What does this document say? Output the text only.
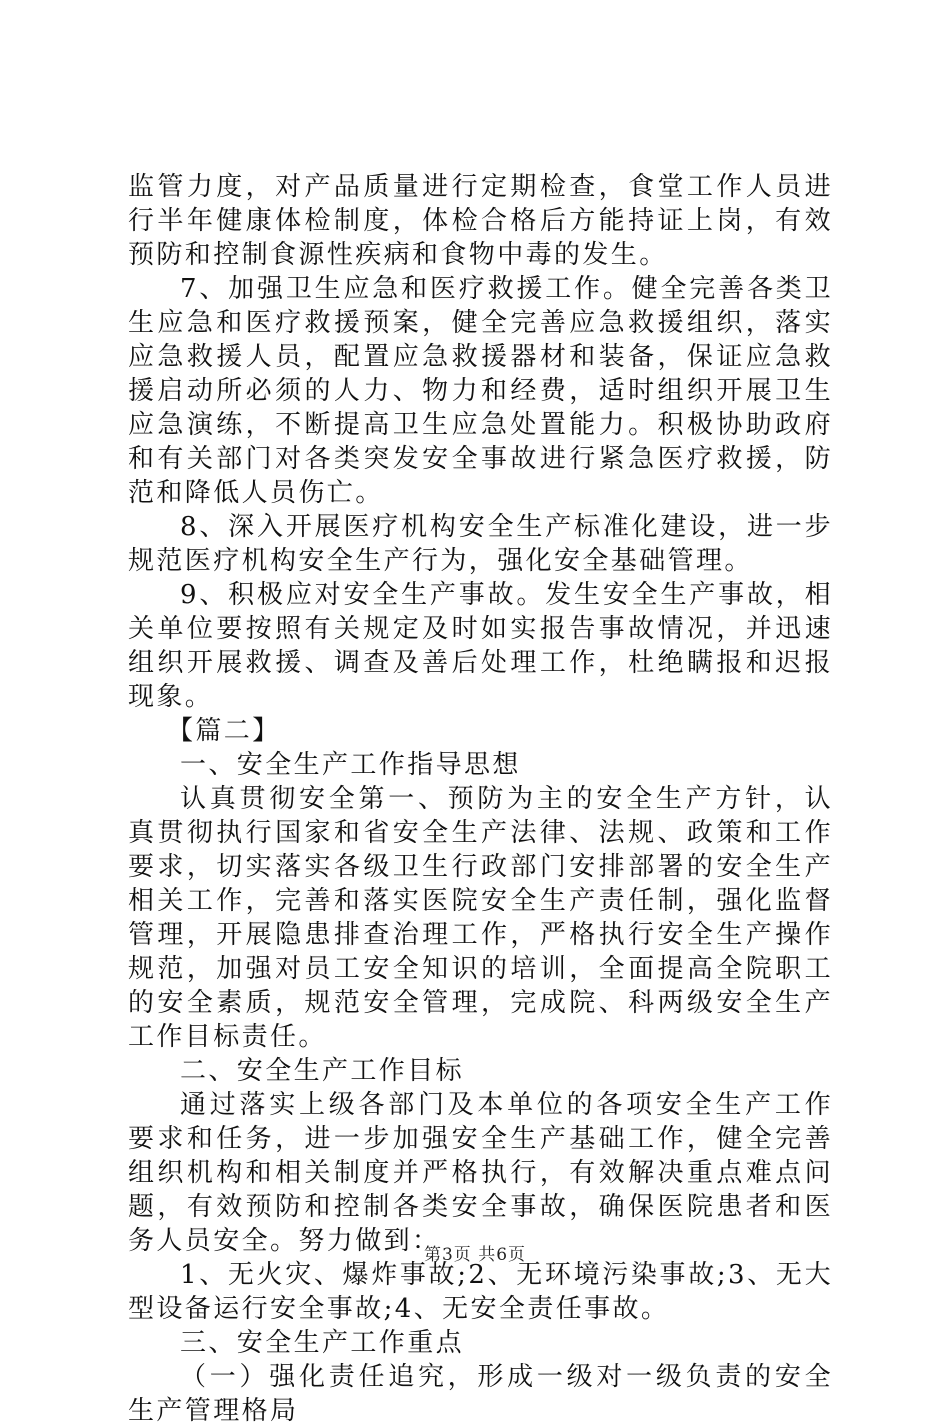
监管力度，对产品质量进行定期检查，食堂工作人员进行半年健康体检制度，体检合格后方能持证上岗，有效预防和控制食源性疾病和食物中毒的发生。

7、加强卫生应急和医疗救援工作。健全完善各类卫生应急和医疗救援预案，健全完善应急救援组织，落实应急救援人员，配置应急救援器材和装备，保证应急救援启动所必须的人力、物力和经费，适时组织开展卫生应急演练，不断提高卫生应急处置能力。积极协助政府和有关部门对各类突发安全事故进行紧急医疗救援，防范和降低人员伤亡。

8、深入开展医疗机构安全生产标准化建设，进一步规范医疗机构安全生产行为，强化安全基础管理。

9、积极应对安全生产事故。发生安全生产事故，相关单位要按照有关规定及时如实报告事故情况，并迅速组织开展救援、调查及善后处理工作，杜绝瞒报和迟报现象。

【篇二】

一、安全生产工作指导思想

认真贯彻安全第一、预防为主的安全生产方针，认真贯彻执行国家和省安全生产法律、法规、政策和工作要求，切实落实各级卫生行政部门安排部署的安全生产相关工作，完善和落实医院安全生产责任制，强化监督管理，开展隐患排查治理工作，严格执行安全生产操作规范，加强对员工安全知识的培训，全面提高全院职工的安全素质，规范安全管理，完成院、科两级安全生产工作目标责任。

二、安全生产工作目标

通过落实上级各部门及本单位的各项安全生产工作要求和任务，进一步加强安全生产基础工作，健全完善组织机构和相关制度并严格执行，有效解决重点难点问题，有效预防和控制各类安全事故，确保医院患者和医务人员安全。努力做到：

1、无火灾、爆炸事故;2、无环境污染事故;3、无大型设备运行安全事故;4、无安全责任事故。

三、安全生产工作重点

（一）强化责任追究，形成一级对一级负责的安全生产管理格局

第3页 共6页
